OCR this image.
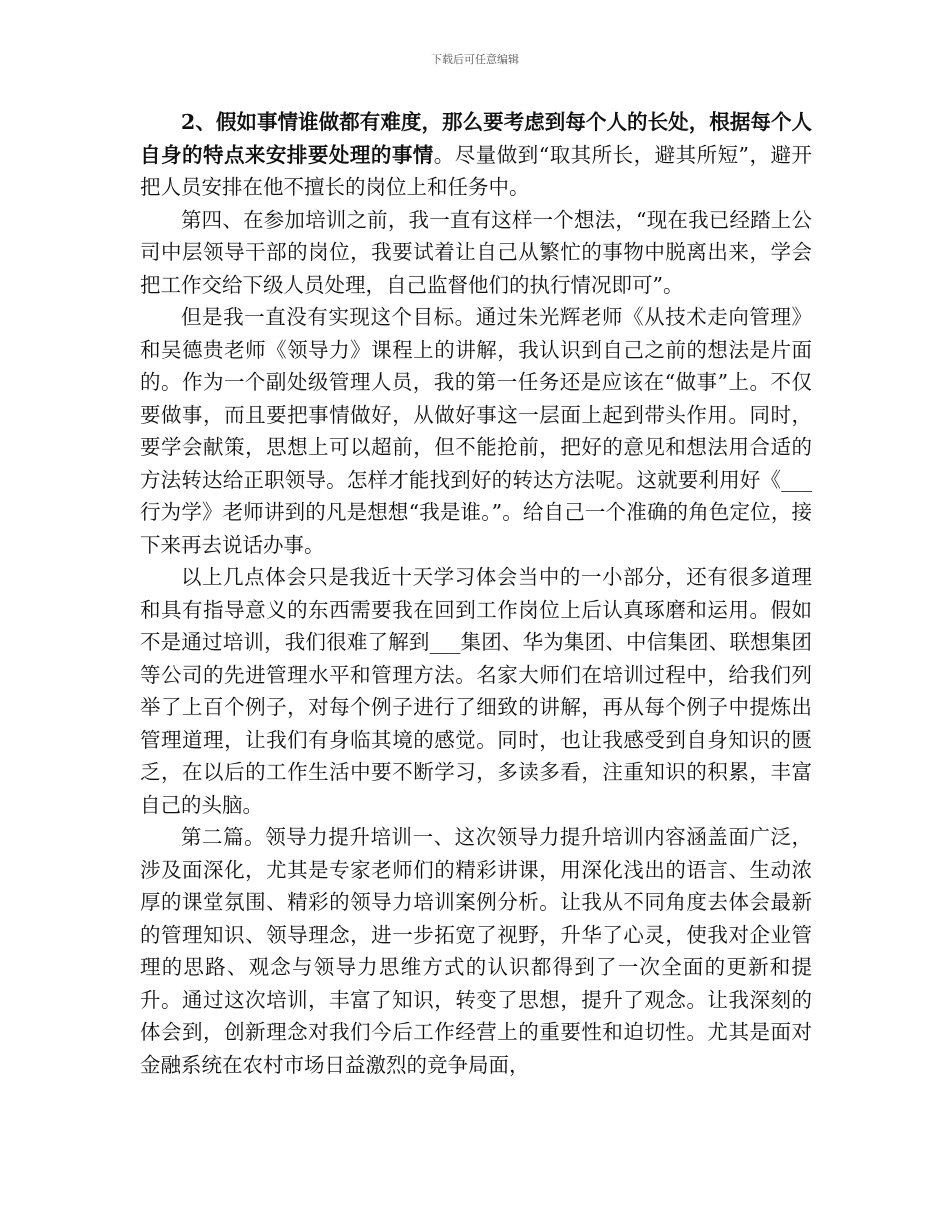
下载后可任意编辑

2、假如事情谁做都有难度，那么要考虑到每个人的长处，根据每个人自身的特点来安排要处理的事情。尽量做到“取其所长，避其所短”，避开把人员安排在他不擅长的岗位上和任务中。

第四、在参加培训之前，我一直有这样一个想法，“现在我已经踏上公司中层领导干部的岗位，我要试着让自己从繁忙的事物中脱离出来，学会把工作交给下级人员处理，自己监督他们的执行情况即可”。

但是我一直没有实现这个目标。通过朱光辉老师《从技术走向管理》和吴德贵老师《领导力》课程上的讲解，我认识到自己之前的想法是片面的。作为一个副处级管理人员，我的第一任务还是应该在“做事”上。不仅要做事，而且要把事情做好，从做好事这一层面上起到带头作用。同时，要学会献策，思想上可以超前，但不能抢前，把好的意见和想法用合适的方法转达给正职领导。怎样才能找到好的转达方法呢。这就要利用好《___行为学》老师讲到的凡是想想“我是谁。”。给自己一个准确的角色定位，接下来再去说话办事。

以上几点体会只是我近十天学习体会当中的一小部分，还有很多道理和具有指导意义的东西需要我在回到工作岗位上后认真琢磨和运用。假如不是通过培训，我们很难了解到___集团、华为集团、中信集团、联想集团等公司的先进管理水平和管理方法。名家大师们在培训过程中，给我们列举了上百个例子，对每个例子进行了细致的讲解，再从每个例子中提炼出管理道理，让我们有身临其境的感觉。同时，也让我感受到自身知识的匮乏，在以后的工作生活中要不断学习，多读多看，注重知识的积累，丰富自己的头脑。

第二篇。领导力提升培训一、这次领导力提升培训内容涵盖面广泛，涉及面深化，尤其是专家老师们的精彩讲课，用深化浅出的语言、生动浓厚的课堂氛围、精彩的领导力培训案例分析。让我从不同角度去体会最新的管理知识、领导理念，进一步拓宽了视野，升华了心灵，使我对企业管理的思路、观念与领导力思维方式的认识都得到了一次全面的更新和提升。通过这次培训，丰富了知识，转变了思想，提升了观念。让我深刻的体会到，创新理念对我们今后工作经营上的重要性和迫切性。尤其是面对金融系统在农村市场日益激烈的竞争局面，
